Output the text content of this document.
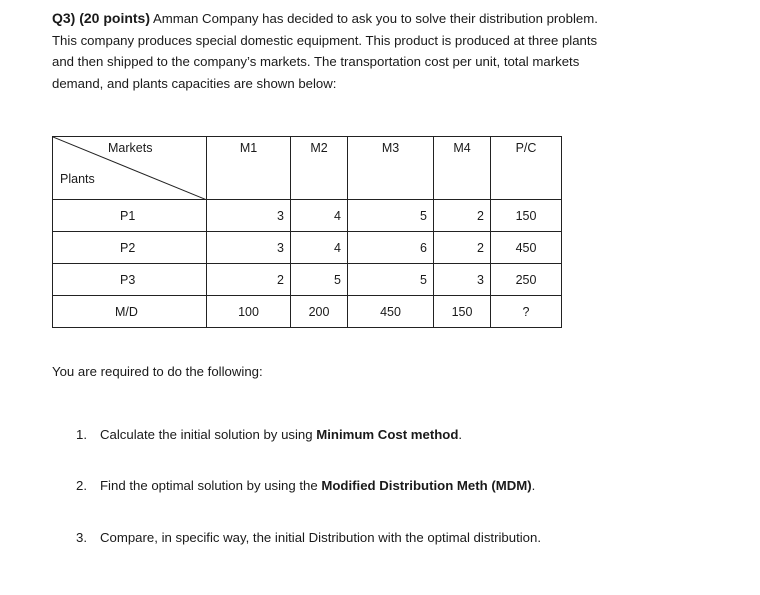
Q3) (20 points) Amman Company has decided to ask you to solve their distribution problem.
This company produces special domestic equipment. This product is produced at three plants
and then shipped to the company’s markets. The transportation cost per unit, total markets
demand, and plants capacities are shown below:
Markets
Plants	M1	M2	M3	M4	P/C

P1	3	4	5	2	150
P2	3	4	6	2	450
P3	2	5	5	3	250
M/D	100	200	450	150	?
You are required to do the following:
1. Calculate the initial solution by using Minimum Cost method.
2. Find the optimal solution by using the Modified Distribution Meth (MDM).
3. Compare, in specific way, the initial Distribution with the optimal distribution.
